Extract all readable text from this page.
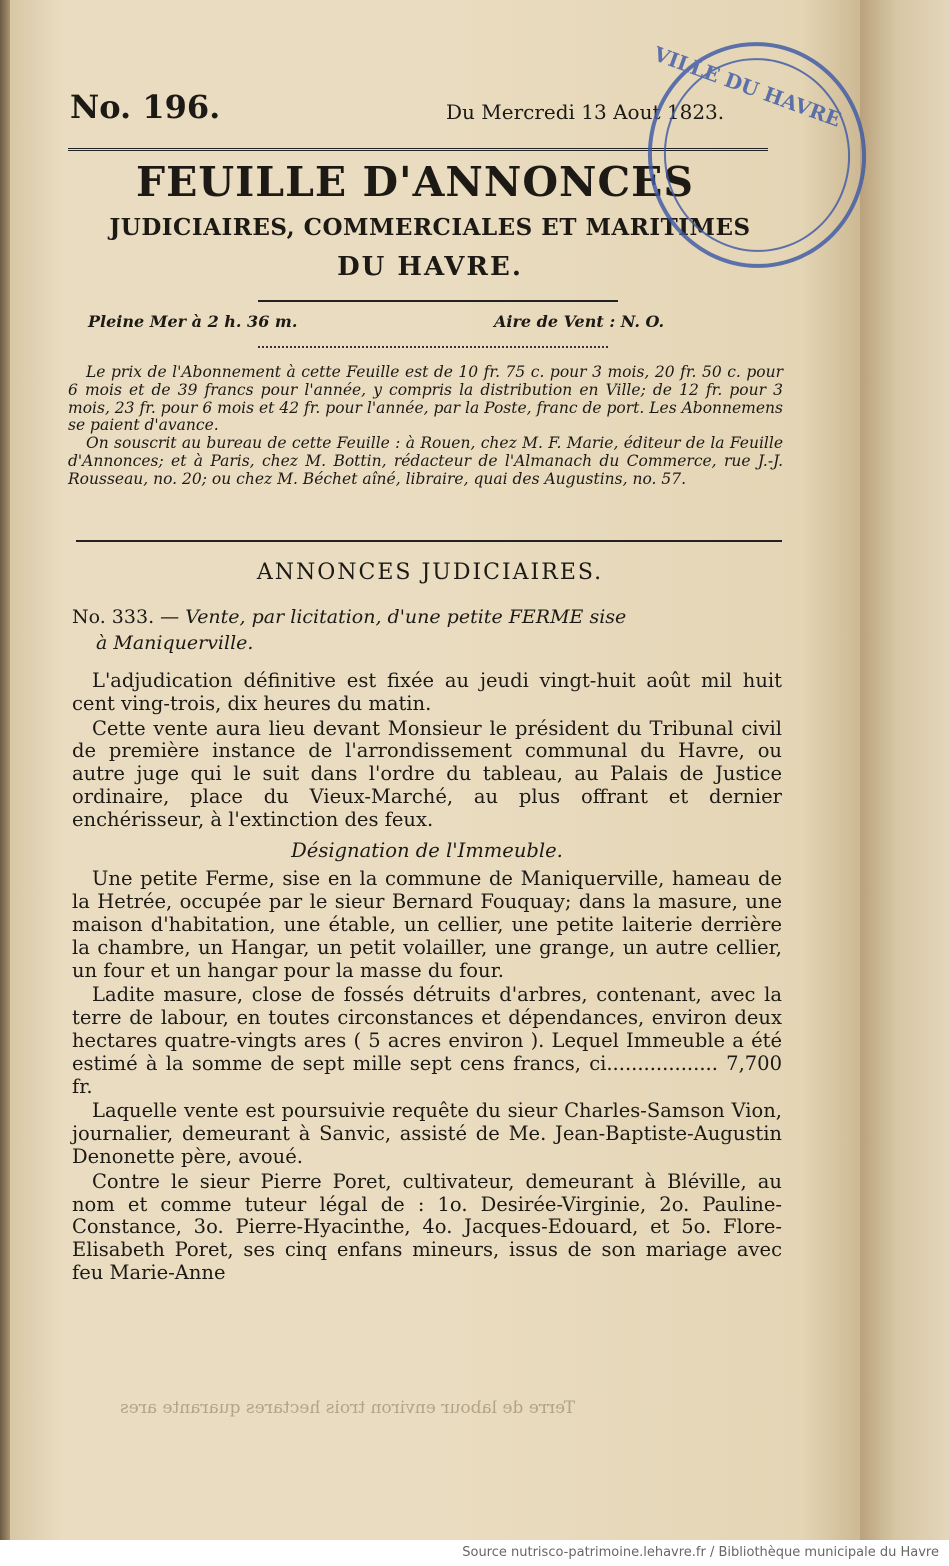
No. 196.	Du Mercredi 13 Aout 1823.
FEUILLE D'ANNONCES
JUDICIAIRES, COMMERCIALES ET MARITIMES
DU HAVRE.
Pleine Mer à 2 h. 36 m.	Aire de Vent : N. O.

Le prix de l'Abonnement à cette Feuille est de 10 fr. 75 c. pour 3 mois, 20 fr. 50 c. pour 6 mois et de 39 francs pour l'année, y compris la distribution en Ville; de 12 fr. pour 3 mois, 23 fr. pour 6 mois et 42 fr. pour l'année, par la Poste, franc de port. Les Abonnemens se paient d'avance.

On souscrit au bureau de cette Feuille : à Rouen, chez M. F. Marie, éditeur de la Feuille d'Annonces; et à Paris, chez M. Bottin, rédacteur de l'Almanach du Commerce, rue J.-J. Rousseau, no. 20; ou chez M. Béchet aîné, libraire, quai des Augustins, no. 57.

ANNONCES JUDICIAIRES.
No. 333. — Vente, par licitation, d'une petite FERME sise
à Maniquerville.

L'adjudication définitive est fixée au jeudi vingt-huit août mil huit cent ving-trois, dix heures du matin.

Cette vente aura lieu devant Monsieur le président du Tribunal civil de première instance de l'arrondissement communal du Havre, ou autre juge qui le suit dans l'ordre du tableau, au Palais de Justice ordinaire, place du Vieux-Marché, au plus offrant et dernier enchérisseur, à l'extinction des feux.

Désignation de l'Immeuble.

Une petite Ferme, sise en la commune de Maniquerville, hameau de la Hetrée, occupée par le sieur Bernard Fouquay; dans la masure, une maison d'habitation, une étable, un cellier, une petite laiterie derrière la chambre, un Hangar, un petit volailler, une grange, un autre cellier, un four et un hangar pour la masse du four.

Ladite masure, close de fossés détruits d'arbres, contenant, avec la terre de labour, en toutes circonstances et dépendances, environ deux hectares quatre-vingts ares ( 5 acres environ ). Lequel Immeuble a été estimé à la somme de sept mille sept cens francs, ci.................. 7,700 fr.

Laquelle vente est poursuivie requête du sieur Charles-Samson Vion, journalier, demeurant à Sanvic, assisté de Me. Jean-Baptiste-Augustin Denonette père, avoué.

Contre le sieur Pierre Poret, cultivateur, demeurant à Bléville, au nom et comme tuteur légal de : 1o. Desirée-Virginie, 2o. Pauline-Constance, 3o. Pierre-Hyacinthe, 4o. Jacques-Edouard, et 5o. Flore-Elisabeth Poret, ses cinq enfans mineurs, issus de son mariage avec feu Marie-Anne

Terre de labour environ trois hectares quarante ares
VILLE DU HAVRE
Source nutrisco-patrimoine.lehavre.fr / Bibliothèque municipale du Havre
